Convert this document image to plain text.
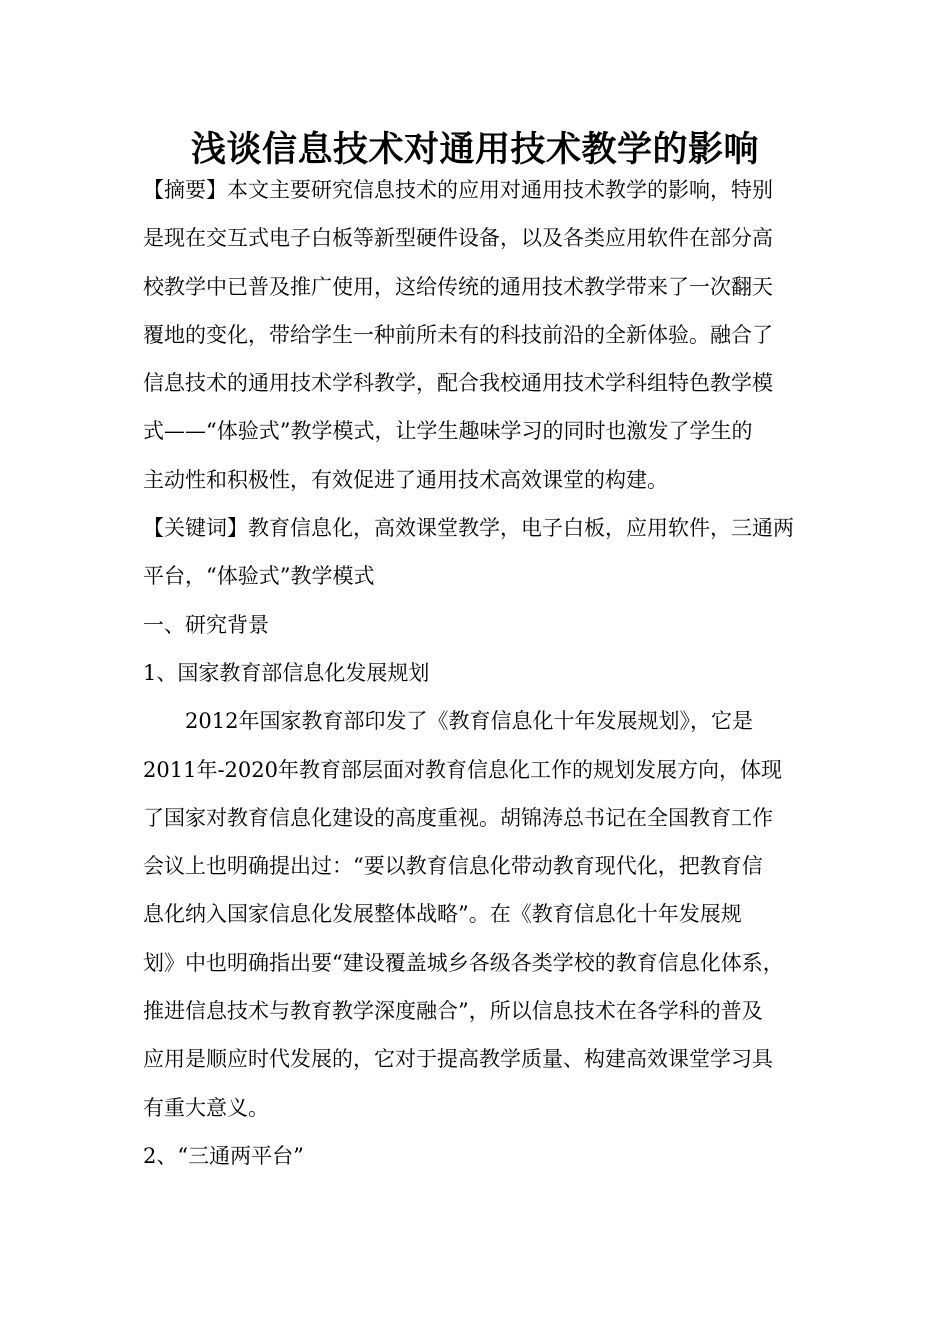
浅谈信息技术对通用技术教学的影响
【摘要】本文主要研究信息技术的应用对通用技术教学的影响，特别
是现在交互式电子白板等新型硬件设备，以及各类应用软件在部分高
校教学中已普及推广使用，这给传统的通用技术教学带来了一次翻天
覆地的变化，带给学生一种前所未有的科技前沿的全新体验。融合了
信息技术的通用技术学科教学，配合我校通用技术学科组特色教学模
式——“体验式”教学模式，让学生趣味学习的同时也激发了学生的
主动性和积极性，有效促进了通用技术高效课堂的构建。
【关键词】教育信息化，高效课堂教学，电子白板，应用软件，三通两
平台，“体验式”教学模式
一、研究背景
1、国家教育部信息化发展规划
2012年国家教育部印发了《教育信息化十年发展规划》，它是
2011年-2020年教育部层面对教育信息化工作的规划发展方向，体现
了国家对教育信息化建设的高度重视。胡锦涛总书记在全国教育工作
会议上也明确提出过：“要以教育信息化带动教育现代化，把教育信
息化纳入国家信息化发展整体战略”。在《教育信息化十年发展规
划》中也明确指出要“建设覆盖城乡各级各类学校的教育信息化体系，
推进信息技术与教育教学深度融合”，所以信息技术在各学科的普及
应用是顺应时代发展的，它对于提高教学质量、构建高效课堂学习具
有重大意义。
2、“三通两平台”
